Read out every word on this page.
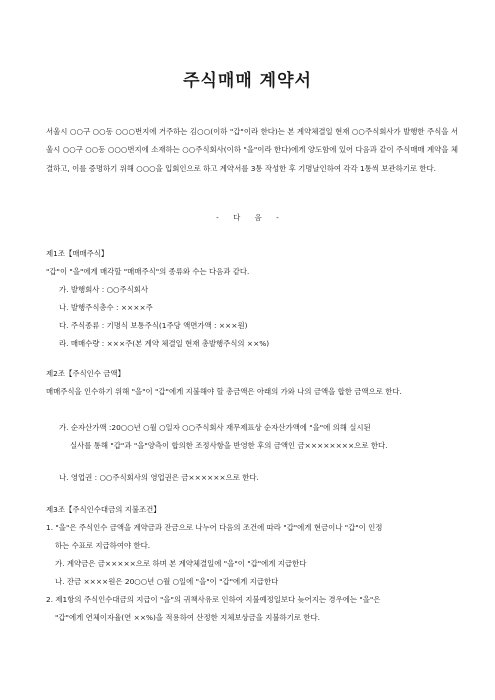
주식매매 계약서
서울시 ○○구 ○○동 ○○○번지에 거주하는 김○○(이하 "갑"이라 한다)는 본 계약체결일 현재 ○○주식회사가 발행한 주식을 서울시 ○○구 ○○동 ○○○번지에 소재하는 ○○주식회사(이하 "을"이라 한다)에게 양도함에 있어 다음과 같이 주식매매 계약을 체결하고, 이를 증명하기 위해 ○○○을 입회인으로 하고 계약서를 3통 작성한 후 기명날인하여 각각 1통씩 보관하기로 한다.
- 다 음 -
제1조【매매주식】
"갑"이 "을"에게 매각할 "매매주식"의 종류와 수는 다음과 같다.
가. 발행회사 : ○○주식회사
나. 발행주식총수 : ××××주
다. 주식종류 : 기명식 보통주식(1주당 액면가액 : ×××원)
라. 매매수량 : ×××주(본 계약 체결일 현재 총발행주식의 ××%)
제2조【주식인수 금액】
매매주식을 인수하기 위해 "을"이 "갑"에게 지불해야 할 총금액은 아래의 가와 나의 금액을 합한 금액으로 한다.
가. 순자산가액 :20○○년 ○월 ○일자 ○○주식회사 재무제표상 순자산가액에 "을"에 의해 실시된
실사를 통해 "갑"과 "을"양측이 합의한 조정사항을 반영한 후의 금액인 금××××××××으로 한다.
나. 영업권 : ○○주식회사의 영업권은 금××××××으로 한다.
제3조【주식인수대금의 지불조건】
1. "을"은 주식인수 금액을 계약금과 잔금으로 나누어 다음의 조건에 따라 "갑"에게 현금이나 "갑"이 인정
하는 수표로 지급하여야 한다.
가. 계약금은 금×××××으로 하며 본 계약체결일에 "을"이 "갑"에게 지급한다
나. 잔금 ××××원은 20○○년 ○월 ○일에 "을"이 "갑"에게 지급한다
2. 제1항의 주식인수대금의 지급이 "을"의 귀책사유로 인하여 지불예정일보다 늦어지는 경우에는 "을"은
"갑"에게 연체이자율(연 ××%)을 적용하여 산정한 지체보상금을 지불하기로 한다.
